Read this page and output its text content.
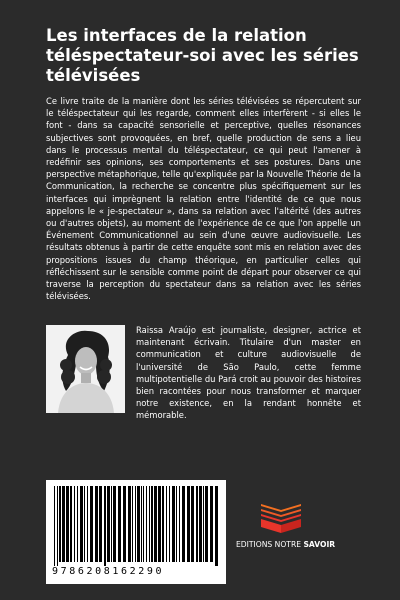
Les interfaces de la relation téléspectateur-soi avec les séries télévisées

Ce livre traite de la manière dont les séries télévisées se répercutent sur le téléspectateur qui les regarde, comment elles interfèrent - si elles le font - dans sa capacité sensorielle et perceptive, quelles résonances subjectives sont provoquées, en bref, quelle production de sens a lieu dans le processus mental du téléspectateur, ce qui peut l'amener à redéfinir ses opinions, ses comportements et ses postures. Dans une perspective métaphorique, telle qu'expliquée par la Nouvelle Théorie de la Communication, la recherche se concentre plus spécifiquement sur les interfaces qui imprègnent la relation entre l'identité de ce que nous appelons le « je-spectateur », dans sa relation avec l'altérité (des autres ou d'autres objets), au moment de l'expérience de ce que l'on appelle un Événement Communicationnel au sein d'une œuvre audiovisuelle. Les résultats obtenus à partir de cette enquête sont mis en relation avec des propositions issues du champ théorique, en particulier celles qui réfléchissent sur le sensible comme point de départ pour observer ce qui traverse la perception du spectateur dans sa relation avec les séries télévisées.

Raissa Araújo est journaliste, designer, actrice et maintenant écrivain. Titulaire d'un master en communication et culture audiovisuelle de l'université de São Paulo, cette femme multipotentielle du Pará croit au pouvoir des histoires bien racontées pour nous transformer et marquer notre existence, en la rendant honnête et mémorable.

9786208162290
EDITIONS NOTRE SAVOIR
